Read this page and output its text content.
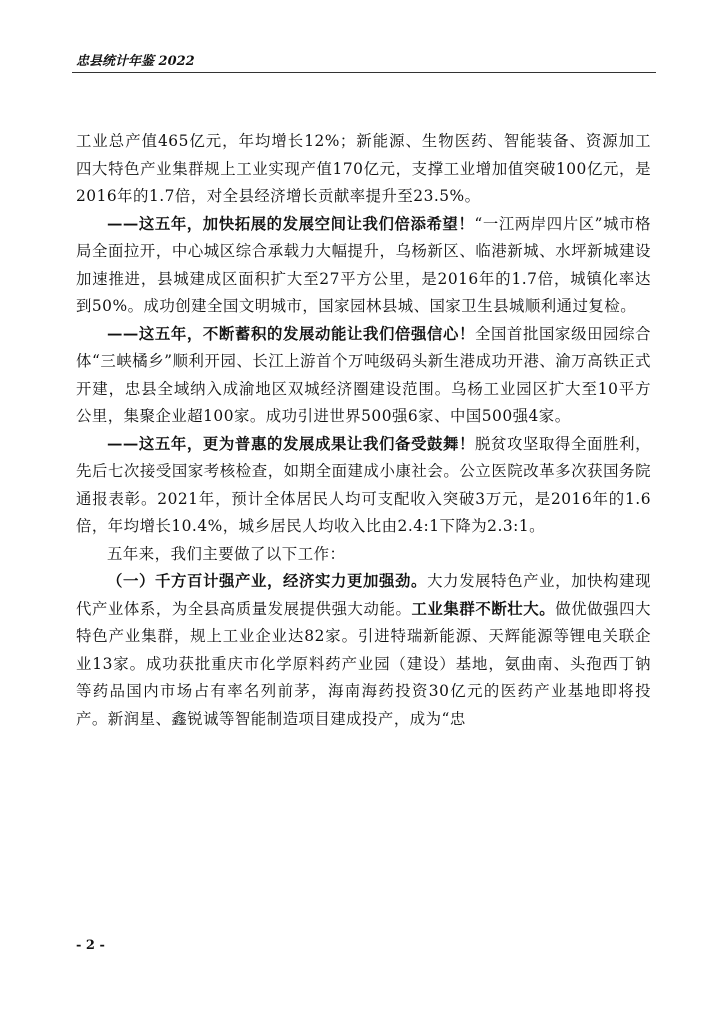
忠县统计年鉴 2022

工业总产值465亿元，年均增长12%；新能源、生物医药、智能装备、资源加工四大特色产业集群规上工业实现产值170亿元，支撑工业增加值突破100亿元，是2016年的1.7倍，对全县经济增长贡献率提升至23.5%。

——这五年，加快拓展的发展空间让我们倍添希望！“一江两岸四片区”城市格局全面拉开，中心城区综合承载力大幅提升，乌杨新区、临港新城、水坪新城建设加速推进，县城建成区面积扩大至27平方公里，是2016年的1.7倍，城镇化率达到50%。成功创建全国文明城市，国家园林县城、国家卫生县城顺利通过复检。

——这五年，不断蓄积的发展动能让我们倍强信心！全国首批国家级田园综合体“三峡橘乡”顺利开园、长江上游首个万吨级码头新生港成功开港、渝万高铁正式开建，忠县全域纳入成渝地区双城经济圈建设范围。乌杨工业园区扩大至10平方公里，集聚企业超100家。成功引进世界500强6家、中国500强4家。

——这五年，更为普惠的发展成果让我们备受鼓舞！脱贫攻坚取得全面胜利，先后七次接受国家考核检查，如期全面建成小康社会。公立医院改革多次获国务院通报表彰。2021年，预计全体居民人均可支配收入突破3万元，是2016年的1.6倍，年均增长10.4%，城乡居民人均收入比由2.4:1下降为2.3:1。

五年来，我们主要做了以下工作：

（一）千方百计强产业，经济实力更加强劲。大力发展特色产业，加快构建现代产业体系，为全县高质量发展提供强大动能。工业集群不断壮大。做优做强四大特色产业集群，规上工业企业达82家。引进特瑞新能源、天辉能源等锂电关联企业13家。成功获批重庆市化学原料药产业园（建设）基地，氨曲南、头孢西丁钠等药品国内市场占有率名列前茅，海南海药投资30亿元的医药产业基地即将投产。新润星、鑫锐诚等智能制造项目建成投产，成为“忠

- 2 -
